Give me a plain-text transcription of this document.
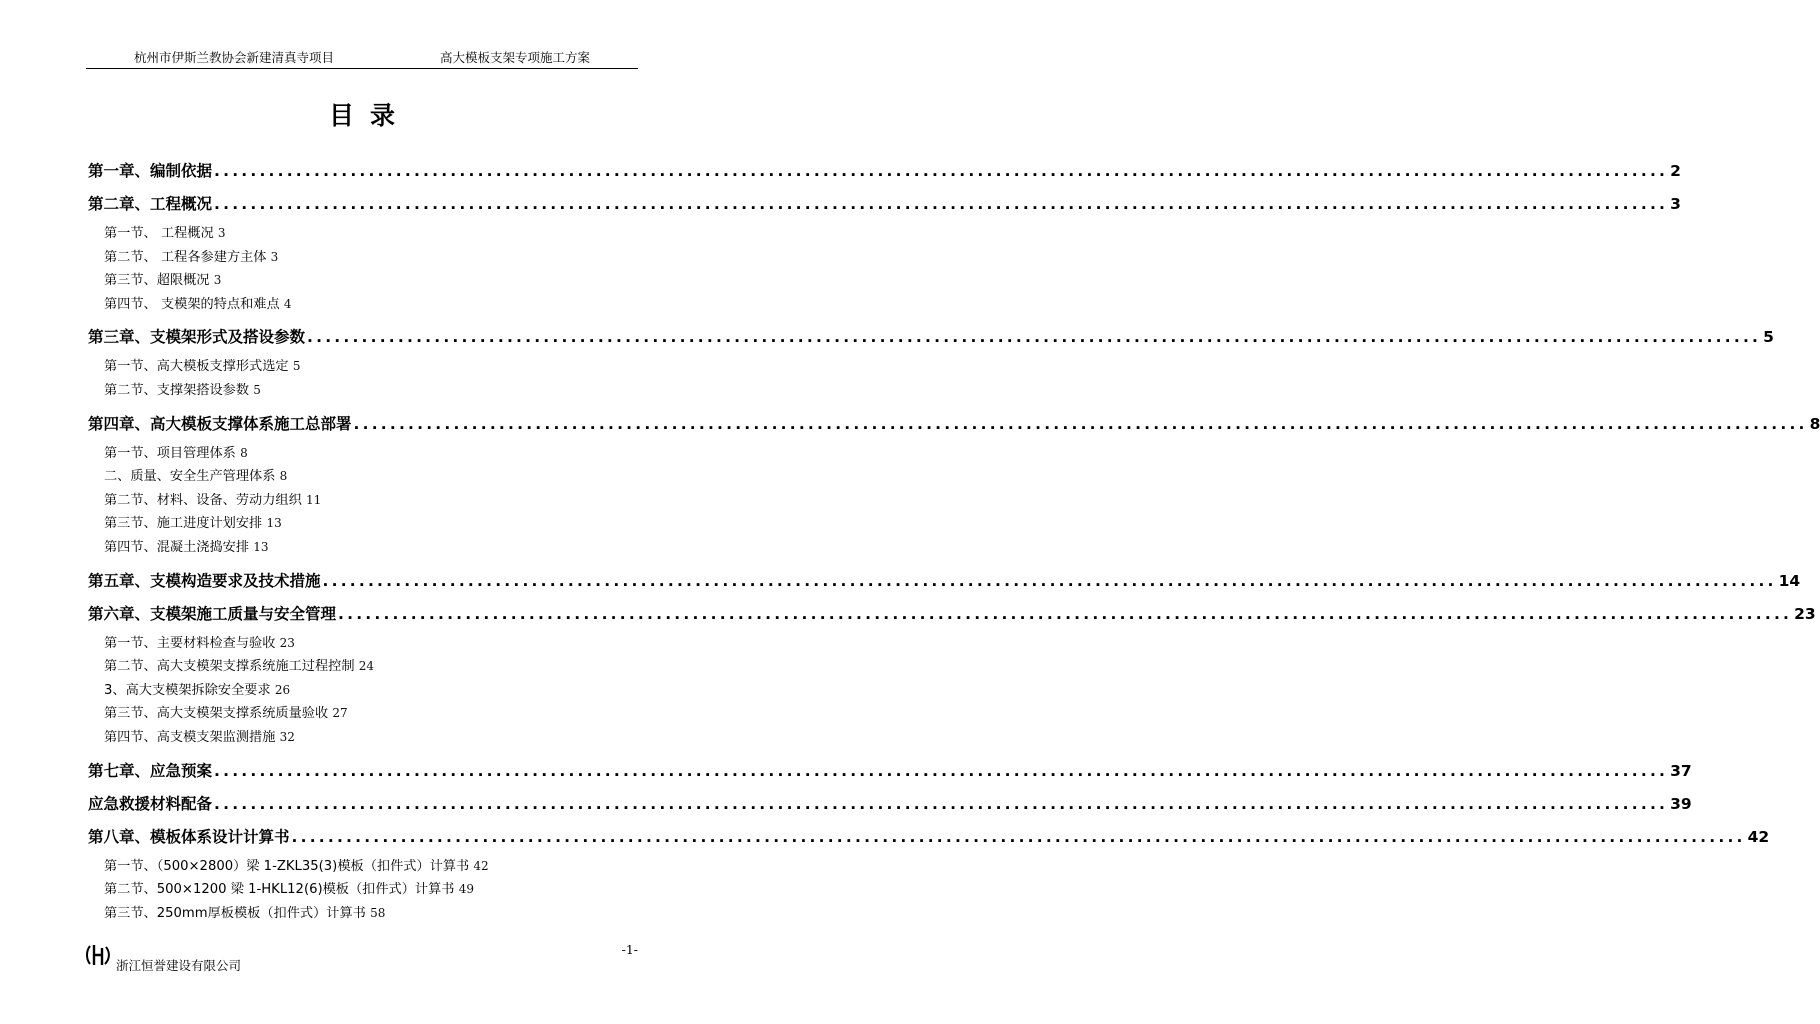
杭州市伊斯兰教协会新建清真寺项目	高大模板支架专项施工方案
目录
第一章、编制依据 ................................................................................................................................................................ 2
第二章、工程概况 ................................................................................................................................................................ 3
第一节、 工程概况 3
第二节、 工程各参建方主体 3
第三节、超限概况 3
第四节、 支模架的特点和难点 4
第三章、支模架形式及搭设参数 ................................................................................................................................................................ 5
第一节、高大模板支撑形式选定 5
第二节、支撑架搭设参数 5
第四章、高大模板支撑体系施工总部署 ................................................................................................................................................................ 8
第一节、项目管理体系 8
二、质量、安全生产管理体系 8
第二节、材料、设备、劳动力组织 11
第三节、施工进度计划安排 13
第四节、混凝土浇捣安排 13
第五章、支模构造要求及技术措施 ................................................................................................................................................................ 14
第六章、支模架施工质量与安全管理 ................................................................................................................................................................ 23
第一节、主要材料检查与验收 23
第二节、高大支模架支撑系统施工过程控制 24
3、高大支模架拆除安全要求 26
第三节、高大支模架支撑系统质量验收 27
第四节、高支模支架监测措施 32
第七章、应急预案 ................................................................................................................................................................ 37
应急救援材料配备 ................................................................................................................................................................ 39
第八章、模板体系设计计算书 ................................................................................................................................................................ 42
第一节、（500×2800）梁 1-ZKL35(3)模板（扣件式）计算书 42
第二节、500×1200 梁 1-HKL12(6)模板（扣件式）计算书 49
第三节、250mm厚板模板（扣件式）计算书 58
浙江恒誉建设有限公司
-1-
